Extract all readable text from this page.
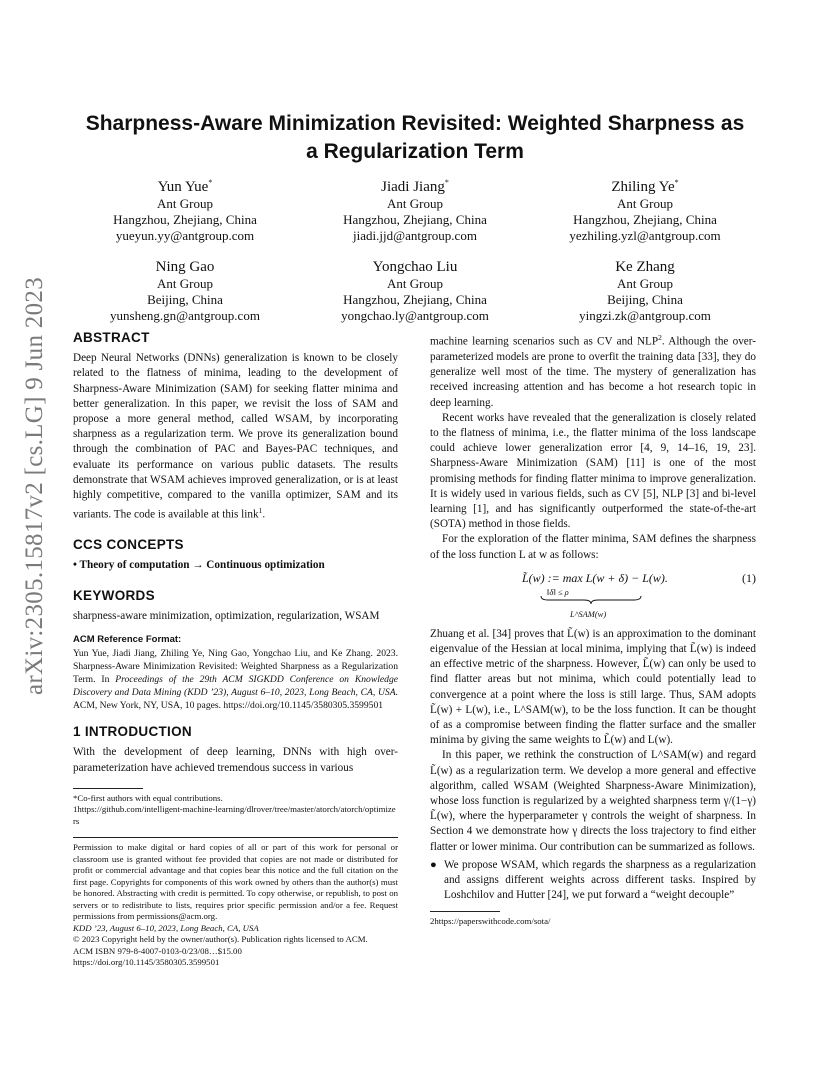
arXiv:2305.15817v2 [cs.LG] 9 Jun 2023
Sharpness-Aware Minimization Revisited: Weighted Sharpness as
a Regularization Term
Yun Yue*
Ant Group
Hangzhou, Zhejiang, China
yueyun.yy@antgroup.com
Jiadi Jiang*
Ant Group
Hangzhou, Zhejiang, China
jiadi.jjd@antgroup.com
Zhiling Ye*
Ant Group
Hangzhou, Zhejiang, China
yezhiling.yzl@antgroup.com
Ning Gao
Ant Group
Beijing, China
yunsheng.gn@antgroup.com
Yongchao Liu
Ant Group
Hangzhou, Zhejiang, China
yongchao.ly@antgroup.com
Ke Zhang
Ant Group
Beijing, China
yingzi.zk@antgroup.com
ABSTRACT

Deep Neural Networks (DNNs) generalization is known to be closely related to the flatness of minima, leading to the development of Sharpness-Aware Minimization (SAM) for seeking flatter minima and better generalization. In this paper, we revisit the loss of SAM and propose a more general method, called WSAM, by incorporating sharpness as a regularization term. We prove its generalization bound through the combination of PAC and Bayes-PAC techniques, and evaluate its performance on various public datasets. The results demonstrate that WSAM achieves improved generalization, or is at least highly competitive, compared to the vanilla optimizer, SAM and its variants. The code is available at this link$^1$.

CCS CONCEPTS

• Theory of computation → Continuous optimization

KEYWORDS

sharpness-aware minimization, optimization, regularization, WSAM

ACM Reference Format:

Yun Yue, Jiadi Jiang, Zhiling Ye, Ning Gao, Yongchao Liu, and Ke Zhang. 2023. Sharpness-Aware Minimization Revisited: Weighted Sharpness as a Regularization Term. In Proceedings of the 29th ACM SIGKDD Conference on Knowledge Discovery and Data Mining (KDD ’23), August 6–10, 2023, Long Beach, CA, USA. ACM, New York, NY, USA, 10 pages. https://doi.org/10.1145/3580305.3599501

1 INTRODUCTION

With the development of deep learning, DNNs with high over-parameterization have achieved tremendous success in various

*Co-first authors with equal contributions.

1https://github.com/intelligent-machine-learning/dlrover/tree/master/atorch/atorch/optimizers

Permission to make digital or hard copies of all or part of this work for personal or classroom use is granted without fee provided that copies are not made or distributed for profit or commercial advantage and that copies bear this notice and the full citation on the first page. Copyrights for components of this work owned by others than the author(s) must be honored. Abstracting with credit is permitted. To copy otherwise, or republish, to post on servers or to redistribute to lists, requires prior specific permission and/or a fee. Request permissions from permissions@acm.org.

KDD ’23, August 6–10, 2023, Long Beach, CA, USA

© 2023 Copyright held by the owner/author(s). Publication rights licensed to ACM.

ACM ISBN 979-8-4007-0103-0/23/08…$15.00

https://doi.org/10.1145/3580305.3599501

machine learning scenarios such as CV and NLP$^2$. Although the over-parameterized models are prone to overfit the training data [33], they do generalize well most of the time. The mystery of generalization has received increasing attention and has become a hot research topic in deep learning.

Recent works have revealed that the generalization is closely related to the flatness of minima, i.e., the flatter minima of the loss landscape could achieve lower generalization error [4, 9, 14–16, 19, 23]. Sharpness-Aware Minimization (SAM) [11] is one of the most promising methods for finding flatter minima to improve generalization. It is widely used in various fields, such as CV [5], NLP [3] and bi-level learning [1], and has significantly outperformed the state-of-the-art (SOTA) method in those fields.

For the exploration of the flatter minima, SAM defines the sharpness of the loss function L at w as follows:

L̃(w) := max L(w + δ) − L(w).
‖δ‖ ≤ ρ
L^SAM(w)
(1)

Zhuang et al. [34] proves that L̃(w) is an approximation to the dominant eigenvalue of the Hessian at local minima, implying that L̃(w) is indeed an effective metric of the sharpness. However, L̃(w) can only be used to find flatter areas but not minima, which could potentially lead to convergence at a point where the loss is still large. Thus, SAM adopts L̃(w) + L(w), i.e., L^SAM(w), to be the loss function. It can be thought of as a compromise between finding the flatter surface and the smaller minima by giving the same weights to L̃(w) and L(w).

In this paper, we rethink the construction of L^SAM(w) and regard L̃(w) as a regularization term. We develop a more general and effective algorithm, called WSAM (Weighted Sharpness-Aware Minimization), whose loss function is regularized by a weighted sharpness term γ/(1−γ) L̃(w), where the hyperparameter γ controls the weight of sharpness. In Section 4 we demonstrate how γ directs the loss trajectory to find either flatter or lower minima. Our contribution can be summarized as follows.

● We propose WSAM, which regards the sharpness as a regularization and assigns different weights across different tasks. Inspired by Loshchilov and Hutter [24], we put forward a “weight decouple”

2https://paperswithcode.com/sota/
